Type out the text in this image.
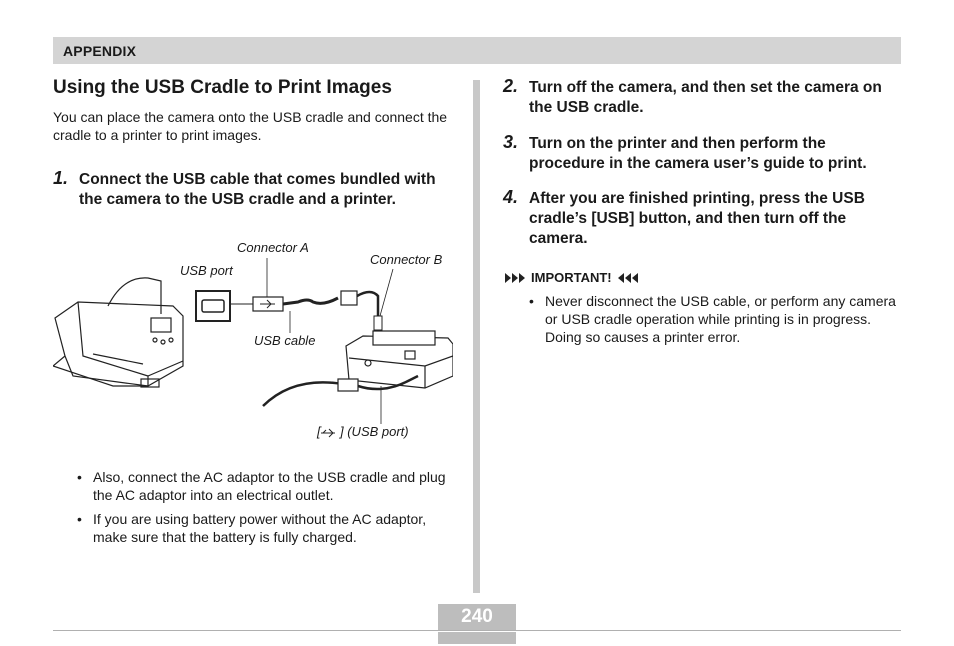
APPENDIX
Using the USB Cradle to Print Images
You can place the camera onto the USB cradle and connect the cradle to a printer to print images.
1. Connect the USB cable that comes bundled with the camera to the USB cradle and a printer.
Connector A
Connector B
USB port
USB cable
[ ] (USB port)
• Also, connect the AC adaptor to the USB cradle and plug the AC adaptor into an electrical outlet.
• If you are using battery power without the AC adaptor, make sure that the battery is fully charged.
2. Turn off the camera, and then set the camera on the USB cradle.
3. Turn on the printer and then perform the procedure in the camera user’s guide to print.
4. After you are finished printing, press the USB cradle’s [USB] button, and then turn off the camera.
IMPORTANT!
• Never disconnect the USB cable, or perform any camera or USB cradle operation while printing is in progress. Doing so causes a printer error.
240
